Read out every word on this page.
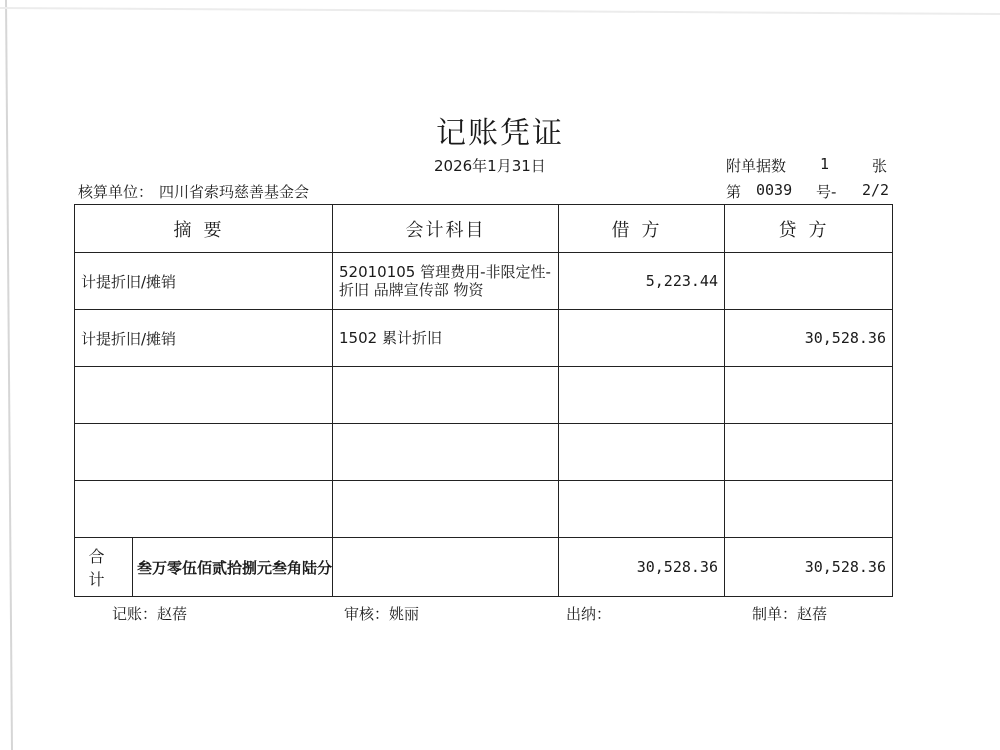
记账凭证
2026年1月31日	附单据数 1	张
核算单位： 四川省索玛慈善基金会	第 0039 号- 2/2
摘要	会计科目	借方	贷方
计提折旧/摊销	52010105 管理费用-非限定性-
折旧 品牌宣传部 物资	5,223.44	
计提折旧/摊销	1502 累计折旧		30,528.36

合计
叁万零伍佰贰拾捌元叁角陆分		30,528.36	30,528.36
记账：赵蓓	审核：姚丽	出纳：	制单：赵蓓
